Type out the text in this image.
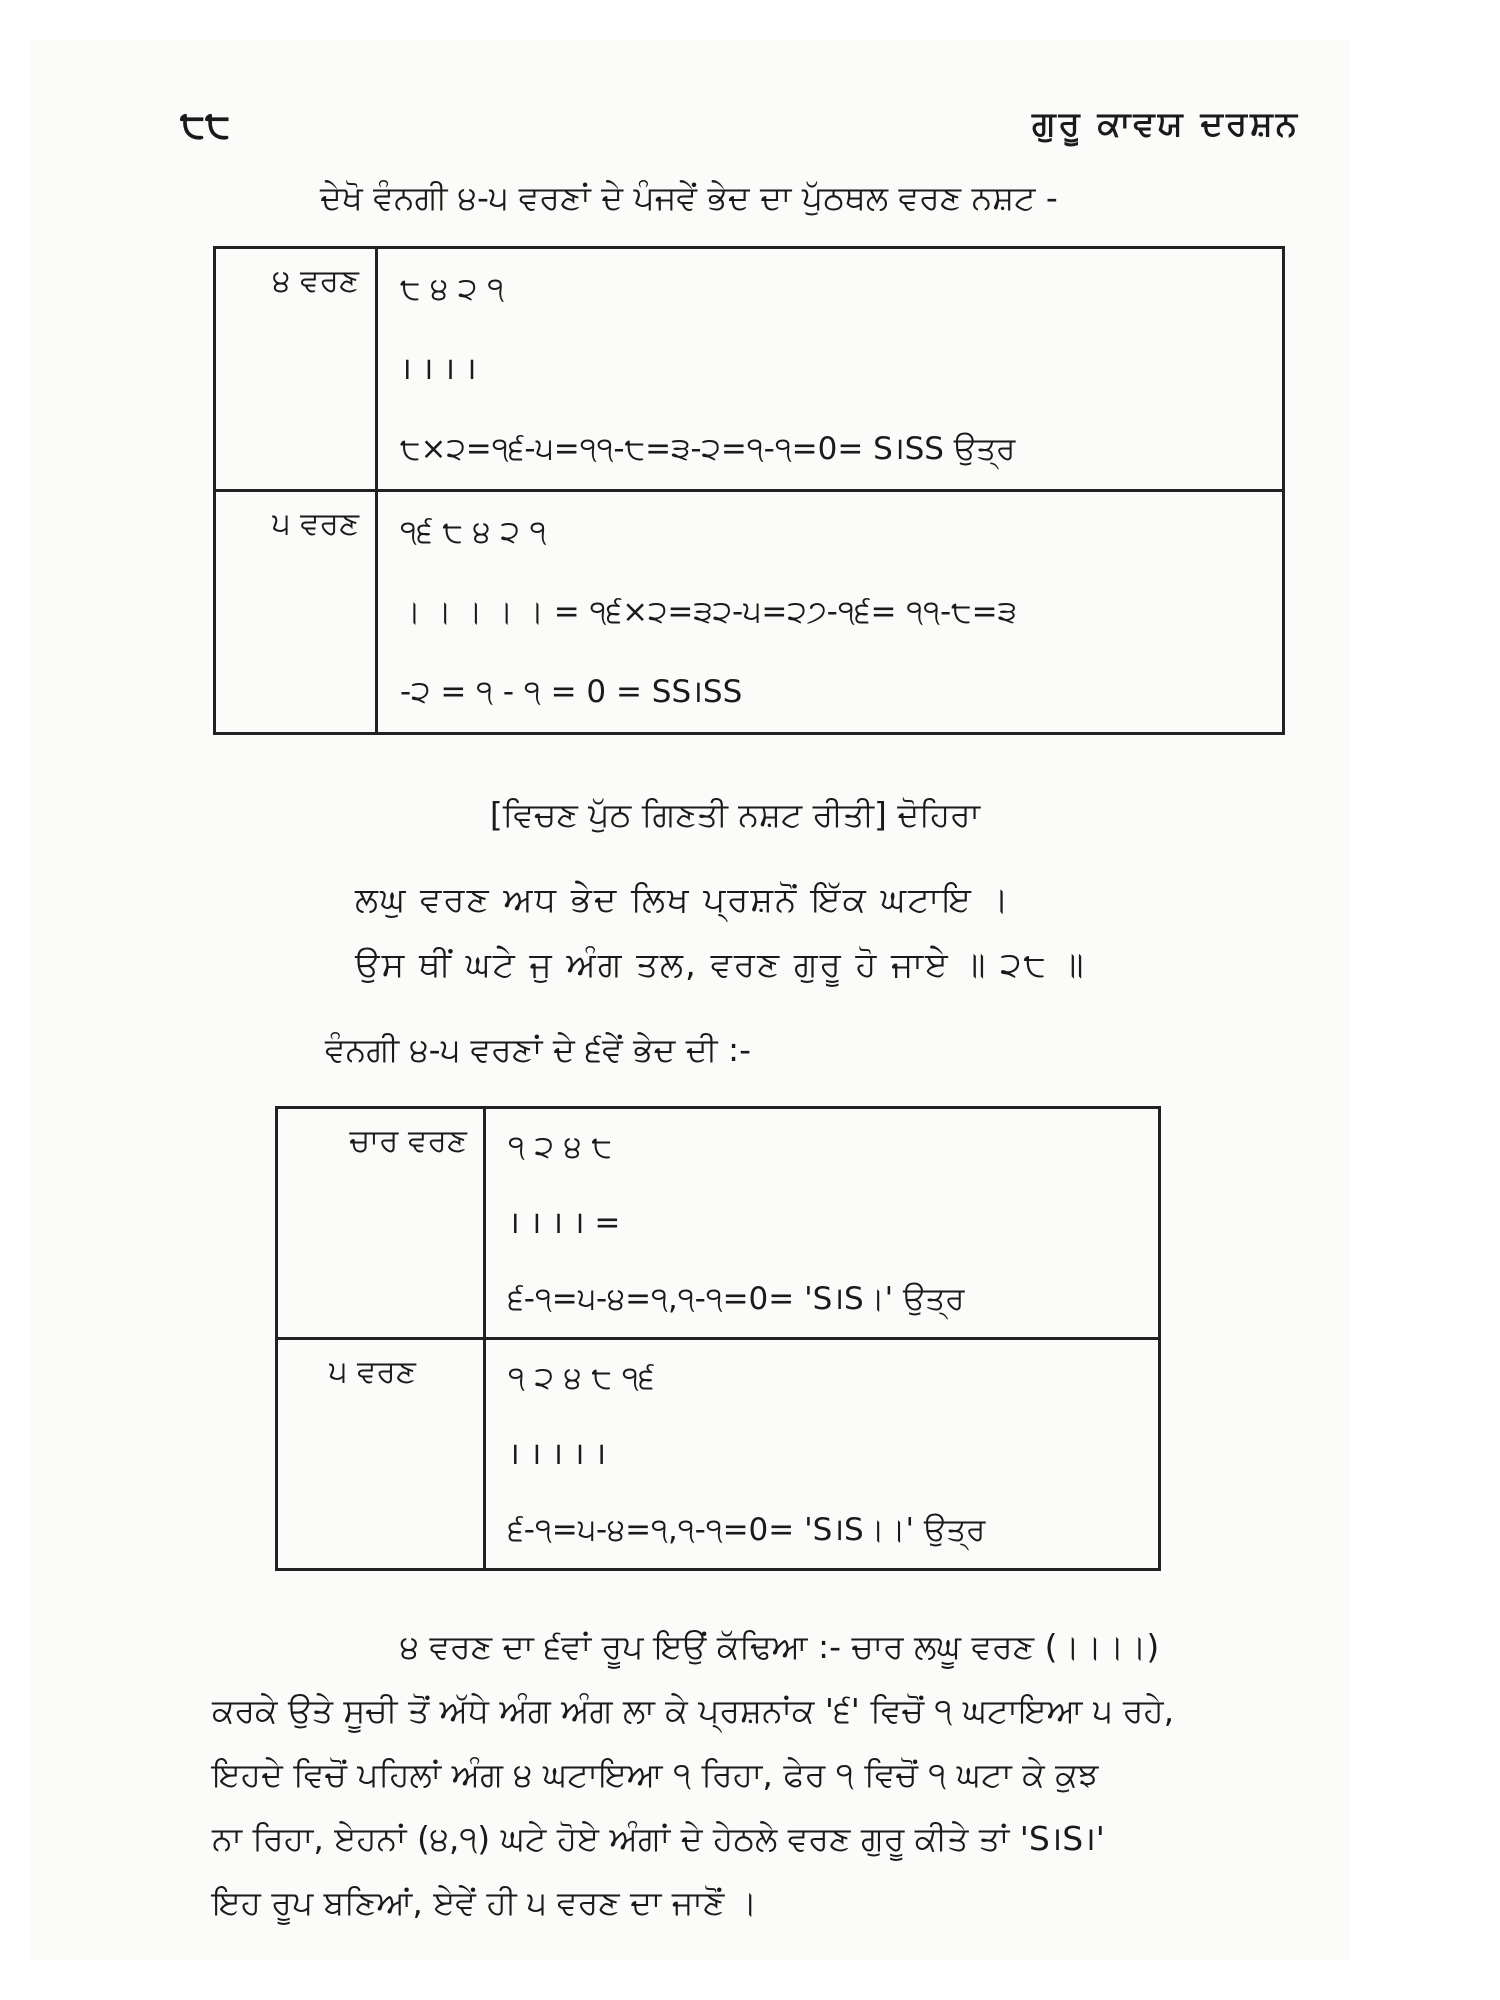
੮੮	ਗੁਰੂ ਕਾਵਯ ਦਰਸ਼ਨ
ਦੇਖੋ ਵੰਨਗੀ ੪-੫ ਵਰਣਾਂ ਦੇ ਪੰਜਵੇਂ ਭੇਦ ਦਾ ਪੁੱਠਥਲ ਵਰਣ ਨਸ਼ਟ -
੪ ਵਰਣ	੮ ੪ ੨ ੧
। । । ।
੮×੨=੧੬-੫=੧੧-੮=੩-੨=੧-੧=0= S।SS ਉਤ੍ਰ

੫ ਵਰਣ	੧੬ ੮ ੪ ੨ ੧
। । । । । = ੧੬×੨=੩੨-੫=੨੭-੧੬= ੧੧-੮=੩
-੨ = ੧ - ੧ = 0 = SS।SS
[ਵਿਚਣ ਪੁੱਠ ਗਿਣਤੀ ਨਸ਼ਟ ਰੀਤੀ] ਦੋਹਿਰਾ
ਲਘੁ ਵਰਣ ਅਧ ਭੇਦ ਲਿਖ ਪ੍ਰਸ਼ਨੋਂ ਇੱਕ ਘਟਾਇ ।
ਉਸ ਥੀਂ ਘਟੇ ਜੁ ਅੰਗ ਤਲ, ਵਰਣ ਗੁਰੂ ਹੋ ਜਾਏ ॥ ੨੮ ॥
ਵੰਨਗੀ ੪-੫ ਵਰਣਾਂ ਦੇ ੬ਵੇਂ ਭੇਦ ਦੀ :-
ਚਾਰ ਵਰਣ	੧ ੨ ੪ ੮
। । । । =
੬-੧=੫-੪=੧,੧-੧=0= 'S।S।' ਉਤ੍ਰ

੫ ਵਰਣ	੧ ੨ ੪ ੮ ੧੬
। । । । ।
੬-੧=੫-੪=੧,੧-੧=0= 'S।S।।' ਉਤ੍ਰ
੪ ਵਰਣ ਦਾ ੬ਵਾਂ ਰੂਪ ਇਉਂ ਕੱਢਿਆ :- ਚਾਰ ਲਘੂ ਵਰਣ (।।।।)
ਕਰਕੇ ਉਤੇ ਸੂਚੀ ਤੋਂ ਅੱਧੇ ਅੰਗ ਅੰਗ ਲਾ ਕੇ ਪ੍ਰਸ਼ਨਾਂਕ '੬' ਵਿਚੋਂ ੧ ਘਟਾਇਆ ੫ ਰਹੇ,
ਇਹਦੇ ਵਿਚੋਂ ਪਹਿਲਾਂ ਅੰਗ ੪ ਘਟਾਇਆ ੧ ਰਿਹਾ, ਫੇਰ ੧ ਵਿਚੋਂ ੧ ਘਟਾ ਕੇ ਕੁਝ
ਨਾ ਰਿਹਾ, ਏਹਨਾਂ (੪,੧) ਘਟੇ ਹੋਏ ਅੰਗਾਂ ਦੇ ਹੇਠਲੇ ਵਰਣ ਗੁਰੂ ਕੀਤੇ ਤਾਂ 'S।S।'
ਇਹ ਰੂਪ ਬਣਿਆਂ, ਏਵੇਂ ਹੀ ੫ ਵਰਣ ਦਾ ਜਾਣੋਂ ।
